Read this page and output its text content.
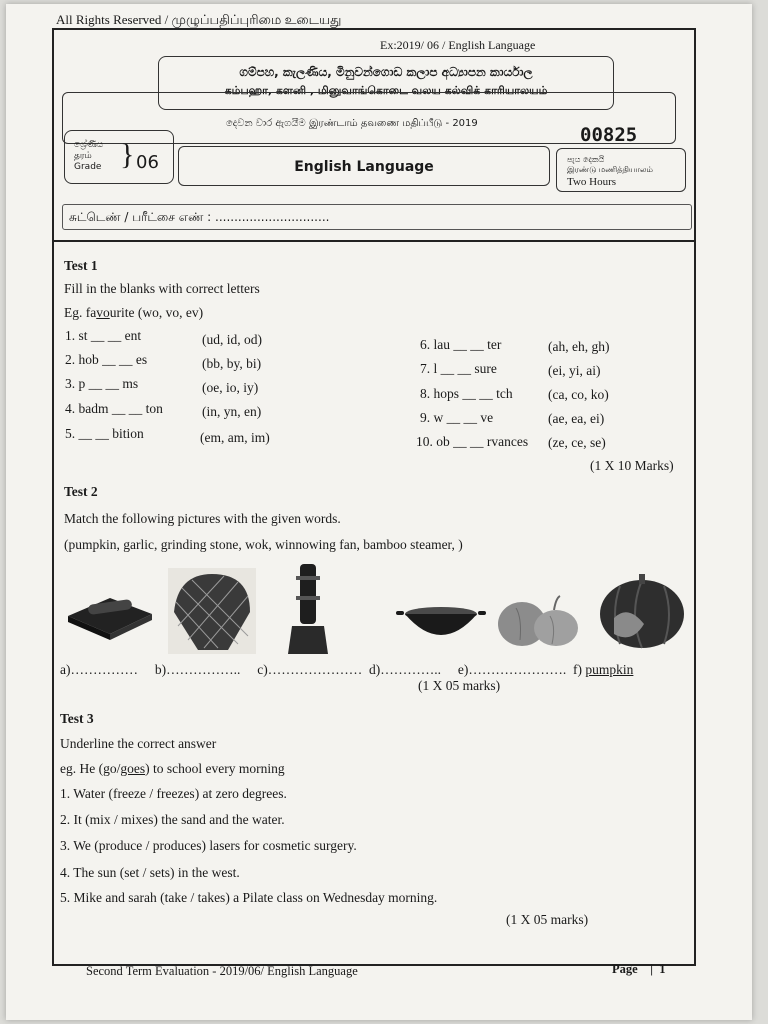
All Rights Reserved / முழுப்பதிப்புரிமை உடையது
Ex:2019/ 06 / English Language
ගම්පහ, කැලණිය, මිනුවන්ගොඩ කලාප අධ්‍යාපන කාර්යාල
கம்பஹா, களனி , மினுவாங்கொடை வலய கல்விக் காரியாலயம்
දෙවන වාර ඇගයීම இரண்டாம் தவணை மதிப்பீடு - 2019
00825
ශ්‍රේණිය
தரம்
Grade } 06	English Language	පැය දෙකයි
இரண்டு மணித்தியாலம்
Two Hours
சுட்டெண் / பரீட்சை எண் : ..............................
Test 1
Fill in the blanks with correct letters
Eg. favourite (wo, vo, ev)
1. st __ __ ent	(ud, id, od)
2. hob __ __ es	(bb, by, bi)
3. p __ __ ms	(oe, io, iy)
4. badm __ __ ton	(in, yn, en)
5. __ __ bition	(em, am, im)
6. lau __ __ ter	(ah, eh, gh)
7. l __ __ sure	(ei, yi, ai)
8. hops __ __ tch	(ca, co, ko)
9. w __ __ ve	(ae, ea, ei)
10. ob __ __ rvances (ze, ce, se)
(1 X 10 Marks)
Test 2
Match the following pictures with the given words.
(pumpkin, garlic, grinding stone, wok, winnowing fan, bamboo steamer, )
a)…………… b)…………….. c)………………… d)………….. e)…………………. f) pumpkin
(1 X 05 marks)
Test 3
Underline the correct answer
eg. He (go/goes) to school every morning
1. Water (freeze / freezes) at zero degrees.
2. It (mix / mixes) the sand and the water.
3. We (produce / produces) lasers for cosmetic surgery.
4. The sun (set / sets) in the west.
5. Mike and sarah (take / takes) a Pilate class on Wednesday morning.
(1 X 05 marks)
Second Term Evaluation - 2019/06/ English Language	Page    |  1
